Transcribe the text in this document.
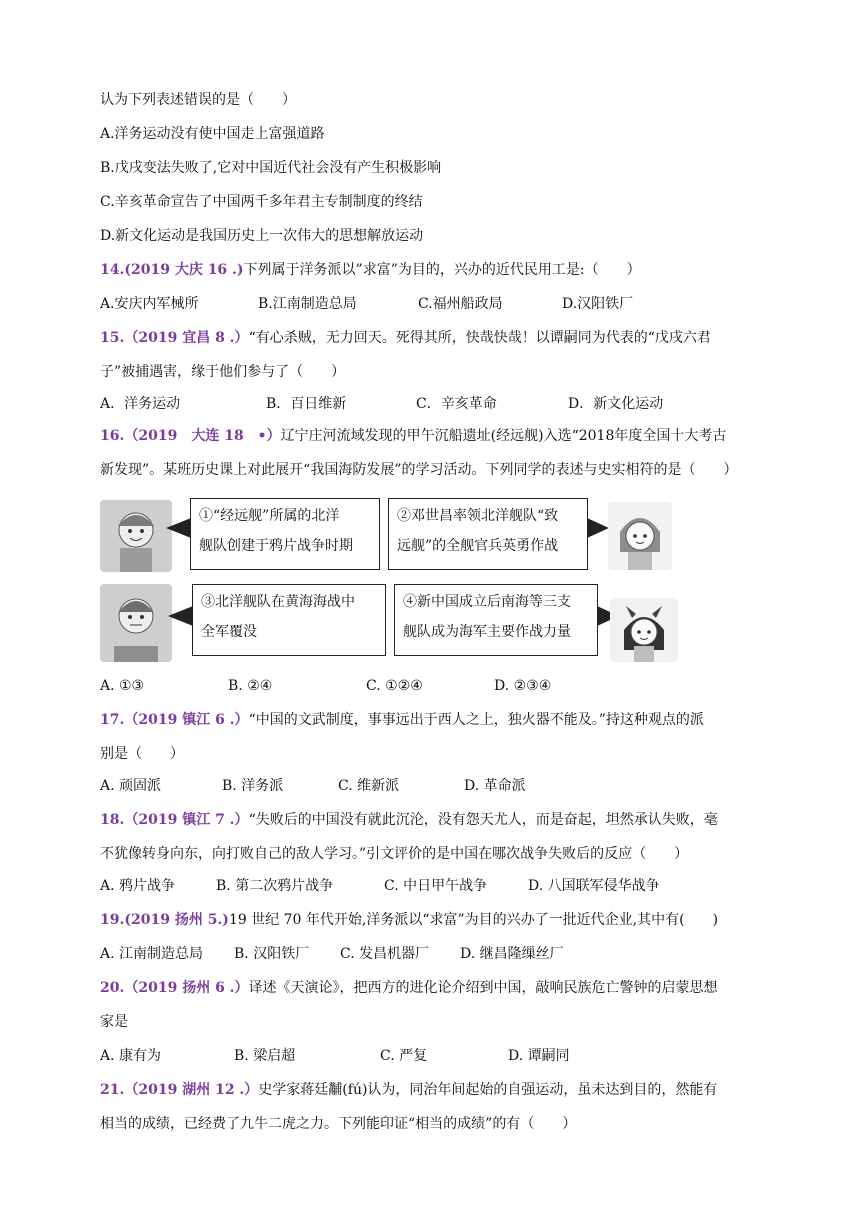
认为下列表述错误的是（　　）
A.洋务运动没有使中国走上富强道路
B.戊戌变法失败了,它对中国近代社会没有产生积极影响
C.辛亥革命宣告了中国两千多年君主专制制度的终结
D.新文化运动是我国历史上一次伟大的思想解放运动
14.(2019 大庆 16 .)下列属于洋务派以”求富”为目的，兴办的近代民用工是:（　　）
A.安庆内军械所	B.江南制造总局	C.福州船政局	D.汉阳铁厂
15.（2019 宜昌 8 .）“有心杀贼，无力回天。死得其所，快哉快哉！以谭嗣同为代表的“戊戌六君
子”被捕遇害，缘于他们参与了（　　）
A．洋务运动	B．百日维新	C．辛亥革命	D．新文化运动
16.（2019　大连 18　•）辽宁庄河流域发现的甲午沉船遗址(经远舰)入选“2018年度全国十大考古
新发现”。某班历史课上对此展开“我国海防发展”的学习活动。下列同学的表述与史实相符的是（　　）
①“经远舰”所属的北洋
舰队创建于鸦片战争时期
②邓世昌率领北洋舰队“致
远舰”的全舰官兵英勇作战
③北洋舰队在黄海海战中
全军覆没
④新中国成立后南海等三支
舰队成为海军主要作战力量
A. ①③	B. ②④	C. ①②④	D. ②③④
17.（2019 镇江 6 .）“中国的文武制度，事事远出于西人之上，独火器不能及。”持这种观点的派
别是（　　）
A. 顽固派	B. 洋务派	C. 维新派	D. 革命派
18.（2019 镇江 7 .）“失败后的中国没有就此沉沦，没有怨天尤人，而是奋起，坦然承认失败，毫
不犹像转身向东，向打败自己的敌人学习。”引文评价的是中国在哪次战争失败后的反应（　　）
A. 鸦片战争	B. 第二次鸦片战争	C. 中日甲午战争	D. 八国联军侵华战争
19.(2019 扬州 5.)19 世纪 70 年代开始,洋务派以“求富”为目的兴办了一批近代企业,其中有(　　)
A. 江南制造总局 B. 汉阳铁厂 C. 发昌机器厂 D. 继昌隆缫丝厂
20.（2019 扬州 6 .）译述《天演论》，把西方的进化论介绍到中国，敲响民族危亡警钟的启蒙思想
家是
A. 康有为	B. 梁启超	C. 严复	D. 谭嗣同
21.（2019 湖州 12 .）史学家蒋廷黼(fú)认为，同治年间起始的自强运动，虽未达到目的，然能有
相当的成绩，已经费了九牛二虎之力。下列能印证“相当的成绩”的有（　　）
